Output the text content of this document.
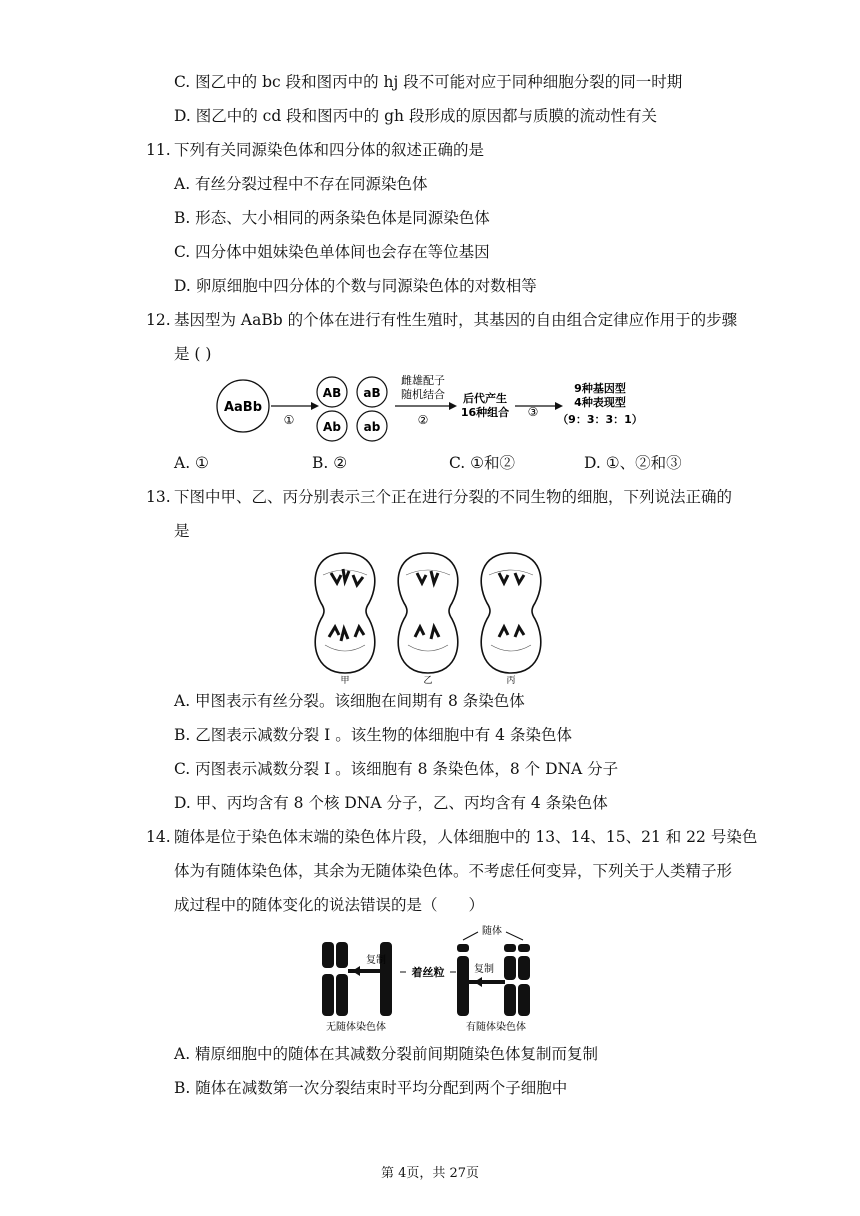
C. 图乙中的 bc 段和图丙中的 hj 段不可能对应于同种细胞分裂的同一时期
D. 图乙中的 cd 段和图丙中的 gh 段形成的原因都与质膜的流动性有关
11. 下列有关同源染色体和四分体的叙述正确的是
A. 有丝分裂过程中不存在同源染色体
B. 形态、大小相同的两条染色体是同源染色体
C. 四分体中姐妹染色单体间也会存在等位基因
D. 卵原细胞中四分体的个数与同源染色体的对数相等
12. 基因型为 AaBb 的个体在进行有性生殖时，其基因的自由组合定律应作用于的步骤
是 ( )
AaBb
①
AB aB
Ab ab
雌雄配子
随机结合
②
后代产生
16种组合 ③
9种基因型
4种表现型
（9：3：3：1）
A. ①	B. ②	C. ①和②	D. ①、②和③
13. 下图中甲、乙、丙分别表示三个正在进行分裂的不同生物的细胞，下列说法正确的
是
甲	乙	丙
A. 甲图表示有丝分裂。该细胞在间期有 8 条染色体
B. 乙图表示减数分裂 I 。该生物的体细胞中有 4 条染色体
C. 丙图表示减数分裂 I 。该细胞有 8 条染色体，8 个 DNA 分子
D. 甲、丙均含有 8 个核 DNA 分子，乙、丙均含有 4 条染色体
14. 随体是位于染色体末端的染色体片段，人体细胞中的 13、14、15、21 和 22 号染色
体为有随体染色体，其余为无随体染色体。不考虑任何变异，下列关于人类精子形
成过程中的随体变化的说法错误的是（　　）
复制
着丝粒
随体
复制
无随体染色体	有随体染色体
A. 精原细胞中的随体在其减数分裂前间期随染色体复制而复制
B. 随体在减数第一次分裂结束时平均分配到两个子细胞中
第 4页，共 27页
